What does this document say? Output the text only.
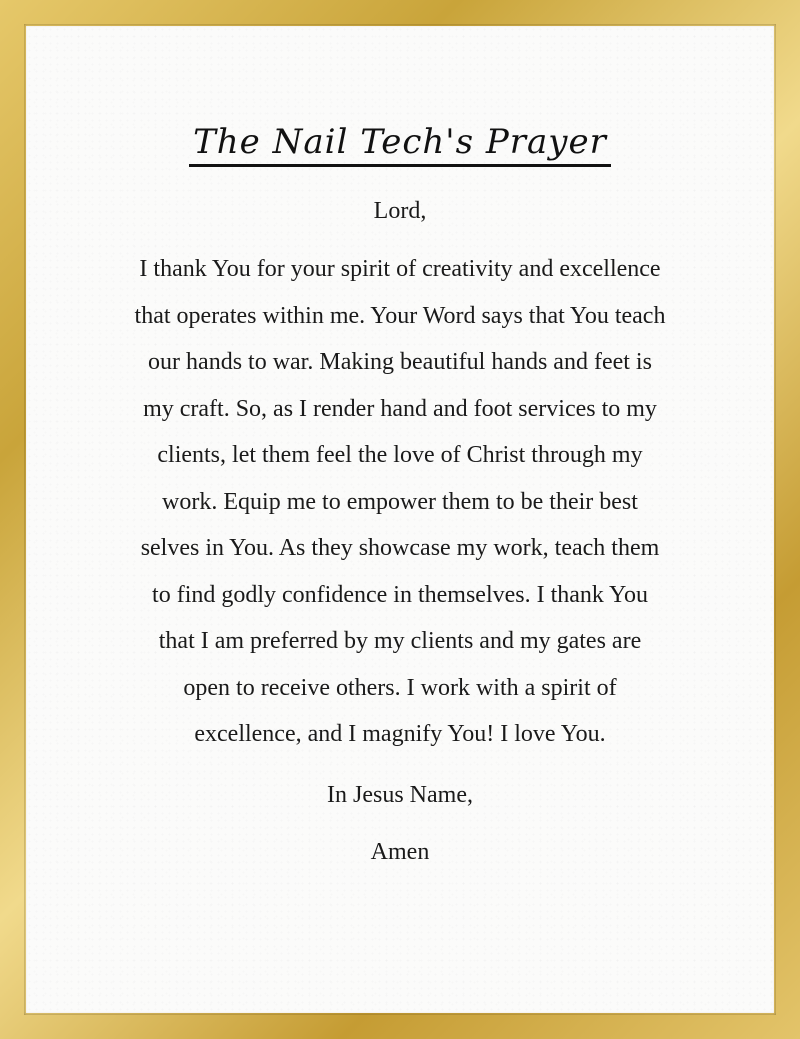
The Nail Tech's Prayer

Lord,

I thank You for your spirit of creativity and excellence
that operates within me. Your Word says that You teach
our hands to war. Making beautiful hands and feet is
my craft. So, as I render hand and foot services to my
clients, let them feel the love of Christ through my
work. Equip me to empower them to be their best
selves in You. As they showcase my work, teach them
to find godly confidence in themselves. I thank You
that I am preferred by my clients and my gates are
open to receive others. I work with a spirit of
excellence, and I magnify You! I love You.

In Jesus Name,

Amen
